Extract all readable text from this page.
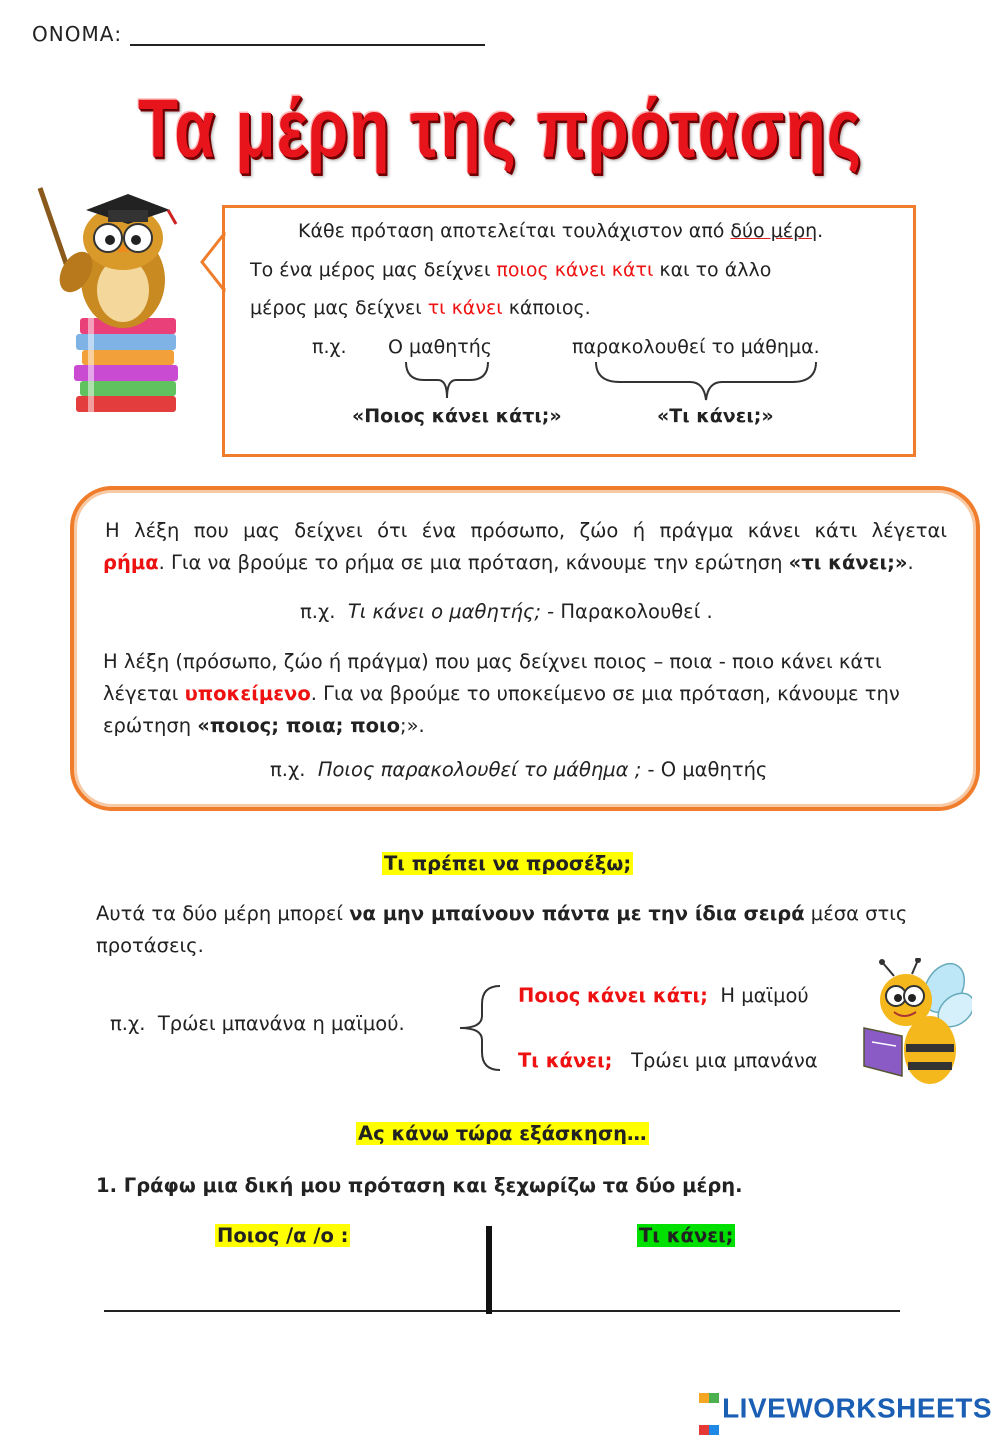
ΟΝΟΜΑ:
Τα μέρη της πρότασης
Κάθε πρόταση αποτελείται τουλάχιστον από δύο μέρη.
Το ένα μέρος μας δείχνει ποιος κάνει κάτι και το άλλο
μέρος μας δείχνει τι κάνει κάποιος.
π.χ. Ο μαθητής	παρακολουθεί το μάθημα.
«Ποιος κάνει κάτι;»	«Τι κάνει;»
Η λέξη που μας δείχνει ότι ένα πρόσωπο, ζώο ή πράγμα κάνει κάτι λέγεται
ρήμα. Για να βρούμε το ρήμα σε μια πρόταση, κάνουμε την ερώτηση «τι κάνει;».
π.χ. Τι κάνει ο μαθητής; - Παρακολουθεί .
Η λέξη (πρόσωπο, ζώο ή πράγμα) που μας δείχνει ποιος – ποια - ποιο κάνει κάτι
λέγεται υποκείμενο. Για να βρούμε το υποκείμενο σε μια πρόταση, κάνουμε την
ερώτηση «ποιος; ποια; ποιο;».
π.χ. Ποιος παρακολουθεί το μάθημα ; - Ο μαθητής
Τι πρέπει να προσέξω;
Αυτά τα δύο μέρη μπορεί να μην μπαίνουν πάντα με την ίδια σειρά μέσα στις
προτάσεις.
π.χ. Τρώει μπανάνα η μαϊμού.
Ποιος κάνει κάτι; Η μαϊμού
Τι κάνει; Τρώει μια μπανάνα
Ας κάνω τώρα εξάσκηση…
1. Γράφω μια δική μου πρόταση και ξεχωρίζω τα δύο μέρη.
Ποιος /α /ο :	Τι κάνει;

LIVEWORKSHEETS
